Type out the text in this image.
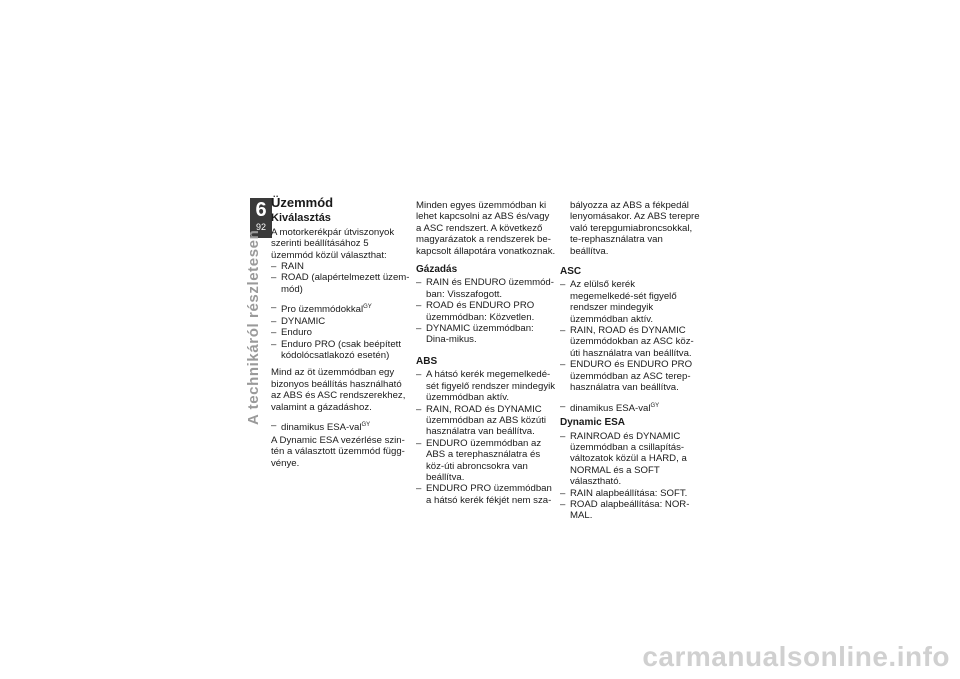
6
92
A technikáról részletesen
Üzemmód
Kiválasztás

A motorkerékpár útviszonyok szerinti beállításához 5 üzemmód közül választhat:

– RAIN
– ROAD (alapértelmezett üzem-mód)
– Pro üzemmódokkal$^{GY}$
– DYNAMIC
– Enduro
– Enduro PRO (csak beépített kódolócsatlakozó esetén)

Mind az öt üzemmódban egy bizonyos beállítás használható az ABS és ASC rendszerekhez, valamint a gázadáshoz.

– dinamikus ESA-val$^{GY}$

A Dynamic ESA vezérlése szin-tén a választott üzemmód függ-vénye.

Minden egyes üzemmódban ki lehet kapcsolni az ABS és/vagy a ASC rendszert. A következő magyarázatok a rendszerek be-kapcsolt állapotára vonatkoznak.

Gázadás
– RAIN és ENDURO üzemmód-ban: Visszafogott.
– ROAD és ENDURO PRO üzemmódban: Közvetlen.
– DYNAMIC üzemmódban: Dina-mikus.
ABS
– A hátsó kerék megemelkedé-sét figyelő rendszer mindegyik üzemmódban aktív.
– RAIN, ROAD és DYNAMIC üzemmódban az ABS közúti használatra van beállítva.
– ENDURO üzemmódban az ABS a terephasználatra és köz-úti abroncsokra van beállítva.
– ENDURO PRO üzemmódban a hátsó kerék fékjét nem sza-

bályozza az ABS a fékpedál lenyomásakor. Az ABS terepre való terepgumiabroncsokkal, te-rephasználatra van beállítva.

ASC
– Az elülső kerék megemelkedé-sét figyelő rendszer mindegyik üzemmódban aktív.
– RAIN, ROAD és DYNAMIC üzemmódokban az ASC köz-úti használatra van beállítva.
– ENDURO és ENDURO PRO üzemmódban az ASC terep-használatra van beállítva.
– dinamikus ESA-val$^{GY}$
Dynamic ESA
– RAINROAD és DYNAMIC üzemmódban a csillapítás-változatok közül a HARD, a NORMAL és a SOFT választható.
– RAIN alapbeállítása: SOFT.
– ROAD alapbeállítása: NOR-MAL.
carmanualsonline.info
